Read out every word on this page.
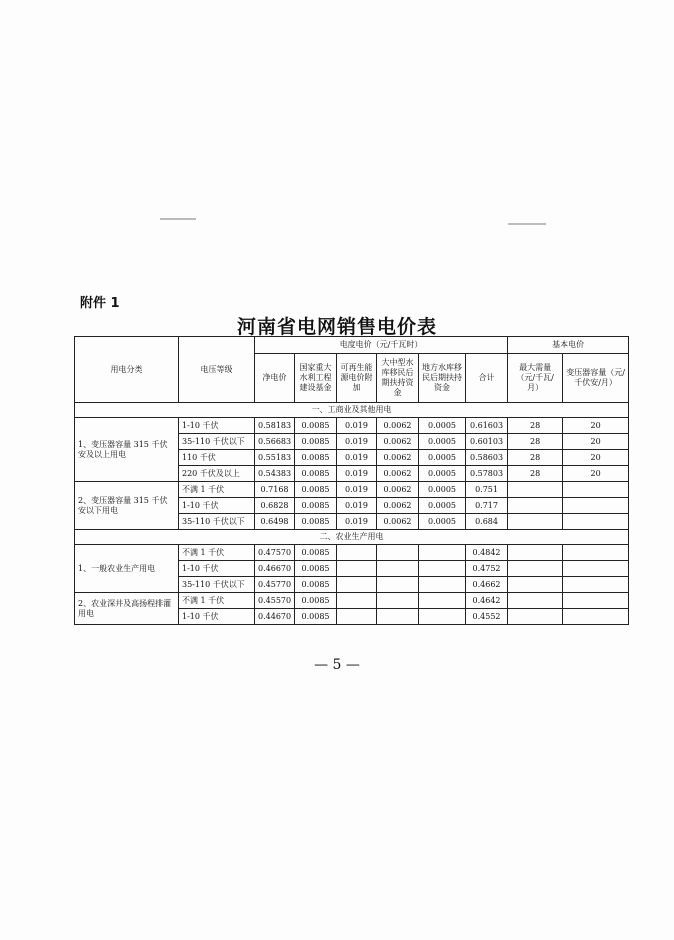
附件 1
河南省电网销售电价表
用电分类	电压等级	电度电价（元/千瓦时）						基本电价	
		净电价	国家重大水利工程建设基金	可再生能源电价附加	大中型水库移民后期扶持资金	地方水库移民后期扶持资金	合计	最大需量（元/千瓦/月）	变压器容量（元/千伏安/月）
一、工商业及其他用电									
1、变压器容量 315 千伏安及以上用电	1-10 千伏	0.58183	0.0085	0.019	0.0062	0.0005	0.61603	28	20
	35-110 千伏以下	0.56683	0.0085	0.019	0.0062	0.0005	0.60103	28	20
	110 千伏	0.55183	0.0085	0.019	0.0062	0.0005	0.58603	28	20
	220 千伏及以上	0.54383	0.0085	0.019	0.0062	0.0005	0.57803	28	20
2、变压器容量 315 千伏安以下用电	不满 1 千伏	0.7168	0.0085	0.019	0.0062	0.0005	0.751		
	1-10 千伏	0.6828	0.0085	0.019	0.0062	0.0005	0.717		
	35-110 千伏以下	0.6498	0.0085	0.019	0.0062	0.0005	0.684		
二、农业生产用电									
1、一般农业生产用电	不满 1 千伏	0.47570	0.0085				0.4842		
	1-10 千伏	0.46670	0.0085				0.4752		
	35-110 千伏以下	0.45770	0.0085				0.4662		
2、农业深井及高扬程排灌用电	不满 1 千伏	0.45570	0.0085				0.4642		
	1-10 千伏	0.44670	0.0085				0.4552		
— 5 —
